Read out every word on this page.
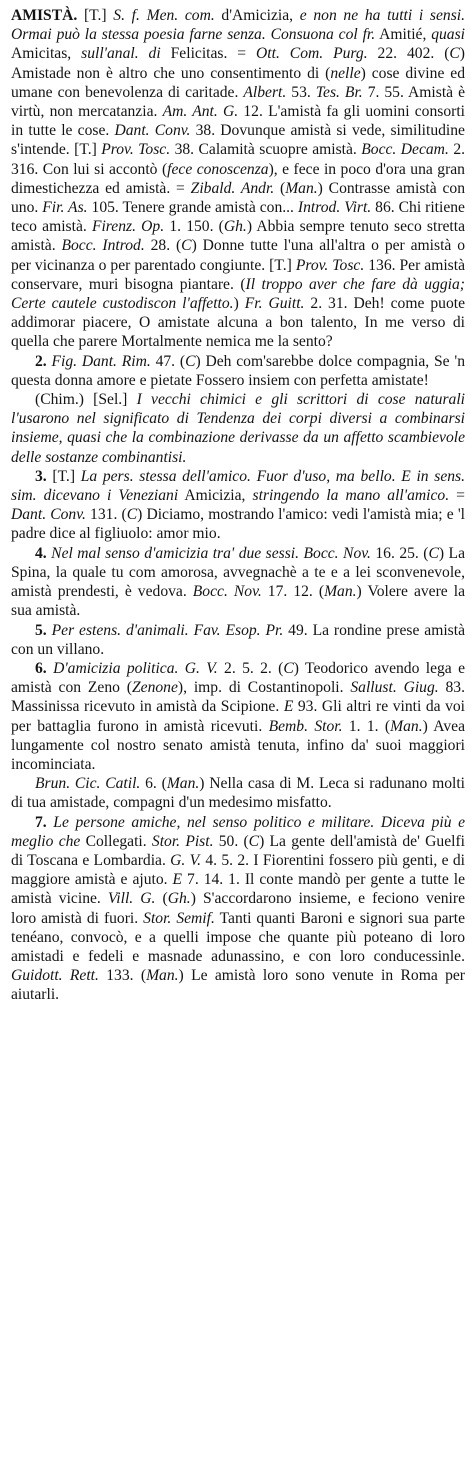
AMISTÀ. [T.] S. f. Men. com. d'Amicizia, e non ne ha tutti i sensi. Ormai può la stessa poesia farne senza. Consuona col fr. Amitié, quasi Amicitas, sull'anal. di Felicitas. = Ott. Com. Purg. 22. 402. (C) Amistade non è altro che uno consentimento di (nelle) cose divine ed umane con benevolenza di caritade. Albert. 53. Tes. Br. 7. 55. Amistà è virtù, non mercatanzia. Am. Ant. G. 12. L'amistà fa gli uomini consorti in tutte le cose. Dant. Conv. 38. Dovunque amistà si vede, similitudine s'intende. [T.] Prov. Tosc. 38. Calamità scuopre amistà. Bocc. Decam. 2. 316. Con lui si accontò (fece conoscenza), e fece in poco d'ora una gran dimestichezza ed amistà. = Zibald. Andr. (Man.) Contrasse amistà con uno. Fir. As. 105. Tenere grande amistà con... Introd. Virt. 86. Chi ritiene teco amistà. Firenz. Op. 1. 150. (Gh.) Abbia sempre tenuto seco stretta amistà. Bocc. Introd. 28. (C) Donne tutte l'una all'altra o per amistà o per vicinanza o per parentado congiunte. [T.] Prov. Tosc. 136. Per amistà conservare, muri bisogna piantare. (Il troppo aver che fare dà uggia; Certe cautele custodiscon l'affetto.) Fr. Guitt. 2. 31. Deh! come puote addimorar piacere, O amistate alcuna a bon talento, In me verso di quella che parere Mortalmente nemica me la sento?

2. Fig. Dant. Rim. 47. (C) Deh com'sarebbe dolce compagnia, Se 'n questa donna amore e pietate Fossero insiem con perfetta amistate!

(Chim.) [Sel.] I vecchi chimici e gli scrittori di cose naturali l'usarono nel significato di Tendenza dei corpi diversi a combinarsi insieme, quasi che la combinazione derivasse da un affetto scambievole delle sostanze combinantisi.

3. [T.] La pers. stessa dell'amico. Fuor d'uso, ma bello. E in sens. sim. dicevano i Veneziani Amicizia, stringendo la mano all'amico. = Dant. Conv. 131. (C) Diciamo, mostrando l'amico: vedi l'amistà mia; e 'l padre dice al figliuolo: amor mio.

4. Nel mal senso d'amicizia tra' due sessi. Bocc. Nov. 16. 25. (C) La Spina, la quale tu com amorosa, avvegnachè a te e a lei sconvenevole, amistà prendesti, è vedova. Bocc. Nov. 17. 12. (Man.) Volere avere la sua amistà.

5. Per estens. d'animali. Fav. Esop. Pr. 49. La rondine prese amistà con un villano.

6. D'amicizia politica. G. V. 2. 5. 2. (C) Teodorico avendo lega e amistà con Zeno (Zenone), imp. di Costantinopoli. Sallust. Giug. 83. Massinissa ricevuto in amistà da Scipione. E 93. Gli altri re vinti da voi per battaglia furono in amistà ricevuti. Bemb. Stor. 1. 1. (Man.) Avea lungamente col nostro senato amistà tenuta, infino da' suoi maggiori incominciata.

Brun. Cic. Catil. 6. (Man.) Nella casa di M. Leca si radunano molti di tua amistade, compagni d'un medesimo misfatto.

7. Le persone amiche, nel senso politico e militare. Diceva più e meglio che Collegati. Stor. Pist. 50. (C) La gente dell'amistà de' Guelfi di Toscana e Lombardia. G. V. 4. 5. 2. I Fiorentini fossero più genti, e di maggiore amistà e ajuto. E 7. 14. 1. Il conte mandò per gente a tutte le amistà vicine. Vill. G. (Gh.) S'accordarono insieme, e feciono venire loro amistà di fuori. Stor. Semif. Tanti quanti Baroni e signori sua parte tenéano, convocò, e a quelli impose che quante più poteano di loro amistadi e fedeli e masnade adunassino, e con loro conducessinle. Guidott. Rett. 133. (Man.) Le amistà loro sono venute in Roma per aiutarli.
